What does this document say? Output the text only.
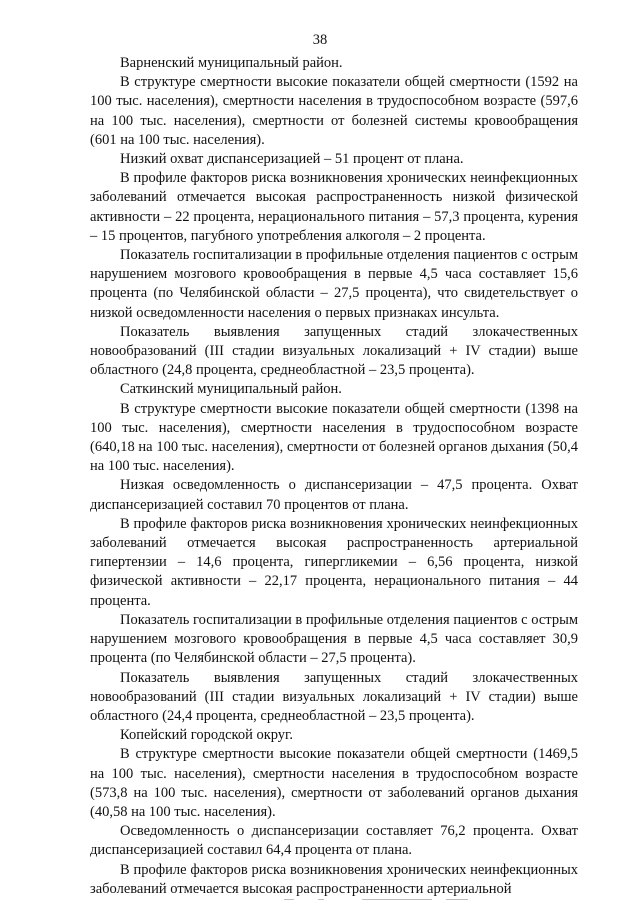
38

Варненский муниципальный район.

В структуре смертности высокие показатели общей смертности (1592 на 100 тыс. населения), смертности населения в трудоспособном возрасте (597,6 на 100 тыс. населения), смертности от болезней системы кровообращения (601 на 100 тыс. населения).

Низкий охват диспансеризацией – 51 процент от плана.

В профиле факторов риска возникновения хронических неинфекционных заболеваний отмечается высокая распространенность низкой физической активности – 22 процента, нерационального питания – 57,3 процента, курения – 15 процентов, пагубного употребления алкоголя – 2 процента.

Показатель госпитализации в профильные отделения пациентов с острым нарушением мозгового кровообращения в первые 4,5 часа составляет 15,6 процента (по Челябинской области – 27,5 процента), что свидетельствует о низкой осведомленности населения о первых признаках инсульта.

Показатель выявления запущенных стадий злокачественных новообразований (III стадии визуальных локализаций + IV стадии) выше областного (24,8 процента, среднеобластной – 23,5 процента).

Саткинский муниципальный район.

В структуре смертности высокие показатели общей смертности (1398 на 100 тыс. населения), смертности населения в трудоспособном возрасте (640,18 на 100 тыс. населения), смертности от болезней органов дыхания (50,4 на 100 тыс. населения).

Низкая осведомленность о диспансеризации – 47,5 процента. Охват диспансеризацией составил 70 процентов от плана.

В профиле факторов риска возникновения хронических неинфекционных заболеваний отмечается высокая распространенность артериальной гипертензии – 14,6 процента, гипергликемии – 6,56 процента, низкой физической активности – 22,17 процента, нерационального питания – 44 процента.

Показатель госпитализации в профильные отделения пациентов с острым нарушением мозгового кровообращения в первые 4,5 часа составляет 30,9 процента (по Челябинской области – 27,5 процента).

Показатель выявления запущенных стадий злокачественных новообразований (III стадии визуальных локализаций + IV стадии) выше областного (24,4 процента, среднеобластной – 23,5 процента).

Копейский городской округ.

В структуре смертности высокие показатели общей смертности (1469,5 на 100 тыс. населения), смертности населения в трудоспособном возрасте (573,8 на 100 тыс. населения), смертности от заболеваний органов дыхания (40,58 на 100 тыс. населения).

Осведомленность о диспансеризации составляет 76,2 процента. Охват диспансеризацией составил 64,4 процента от плана.

В профиле факторов риска возникновения хронических неинфекционных заболеваний отмечается высокая распространенности артериальной
